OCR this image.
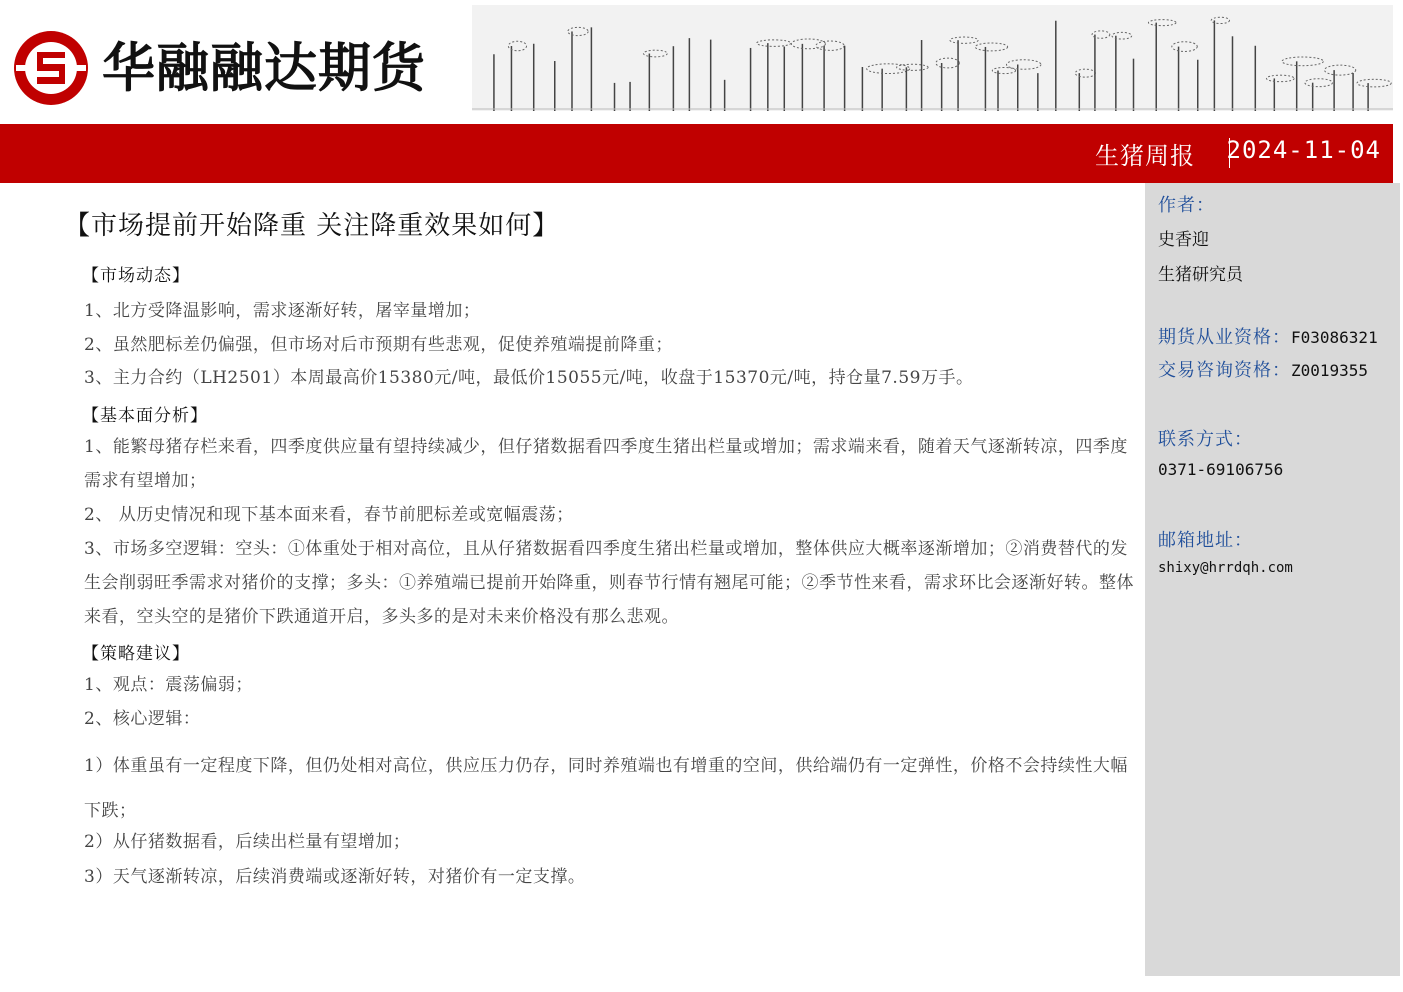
华融融达期货
生猪周报 2024-11-04
作者：
史香迎
生猪研究员
期货从业资格：F03086321
交易咨询资格：Z0019355
联系方式：
0371-69106756
邮箱地址：
shixy@hrrdqh.com
【市场提前开始降重 关注降重效果如何】
【市场动态】
1、北方受降温影响，需求逐渐好转，屠宰量增加；
2、虽然肥标差仍偏强，但市场对后市预期有些悲观，促使养殖端提前降重；
3、主力合约（LH2501）本周最高价15380元/吨，最低价15055元/吨，收盘于15370元/吨，持仓量7.59万手。
【基本面分析】
1、能繁母猪存栏来看，四季度供应量有望持续减少，但仔猪数据看四季度生猪出栏量或增加；需求端来看，随着天气逐渐转凉，四季度需求有望增加；
2、 从历史情况和现下基本面来看，春节前肥标差或宽幅震荡；
3、市场多空逻辑：空头：①体重处于相对高位，且从仔猪数据看四季度生猪出栏量或增加，整体供应大概率逐渐增加；②消费替代的发生会削弱旺季需求对猪价的支撑；多头：①养殖端已提前开始降重，则春节行情有翘尾可能；②季节性来看，需求环比会逐渐好转。整体来看，空头空的是猪价下跌通道开启，多头多的是对未来价格没有那么悲观。
【策略建议】
1、观点：震荡偏弱；
2、核心逻辑：
1）体重虽有一定程度下降，但仍处相对高位，供应压力仍存，同时养殖端也有增重的空间，供给端仍有一定弹性，价格不会持续性大幅下跌；
2）从仔猪数据看，后续出栏量有望增加；
3）天气逐渐转凉，后续消费端或逐渐好转，对猪价有一定支撑。
